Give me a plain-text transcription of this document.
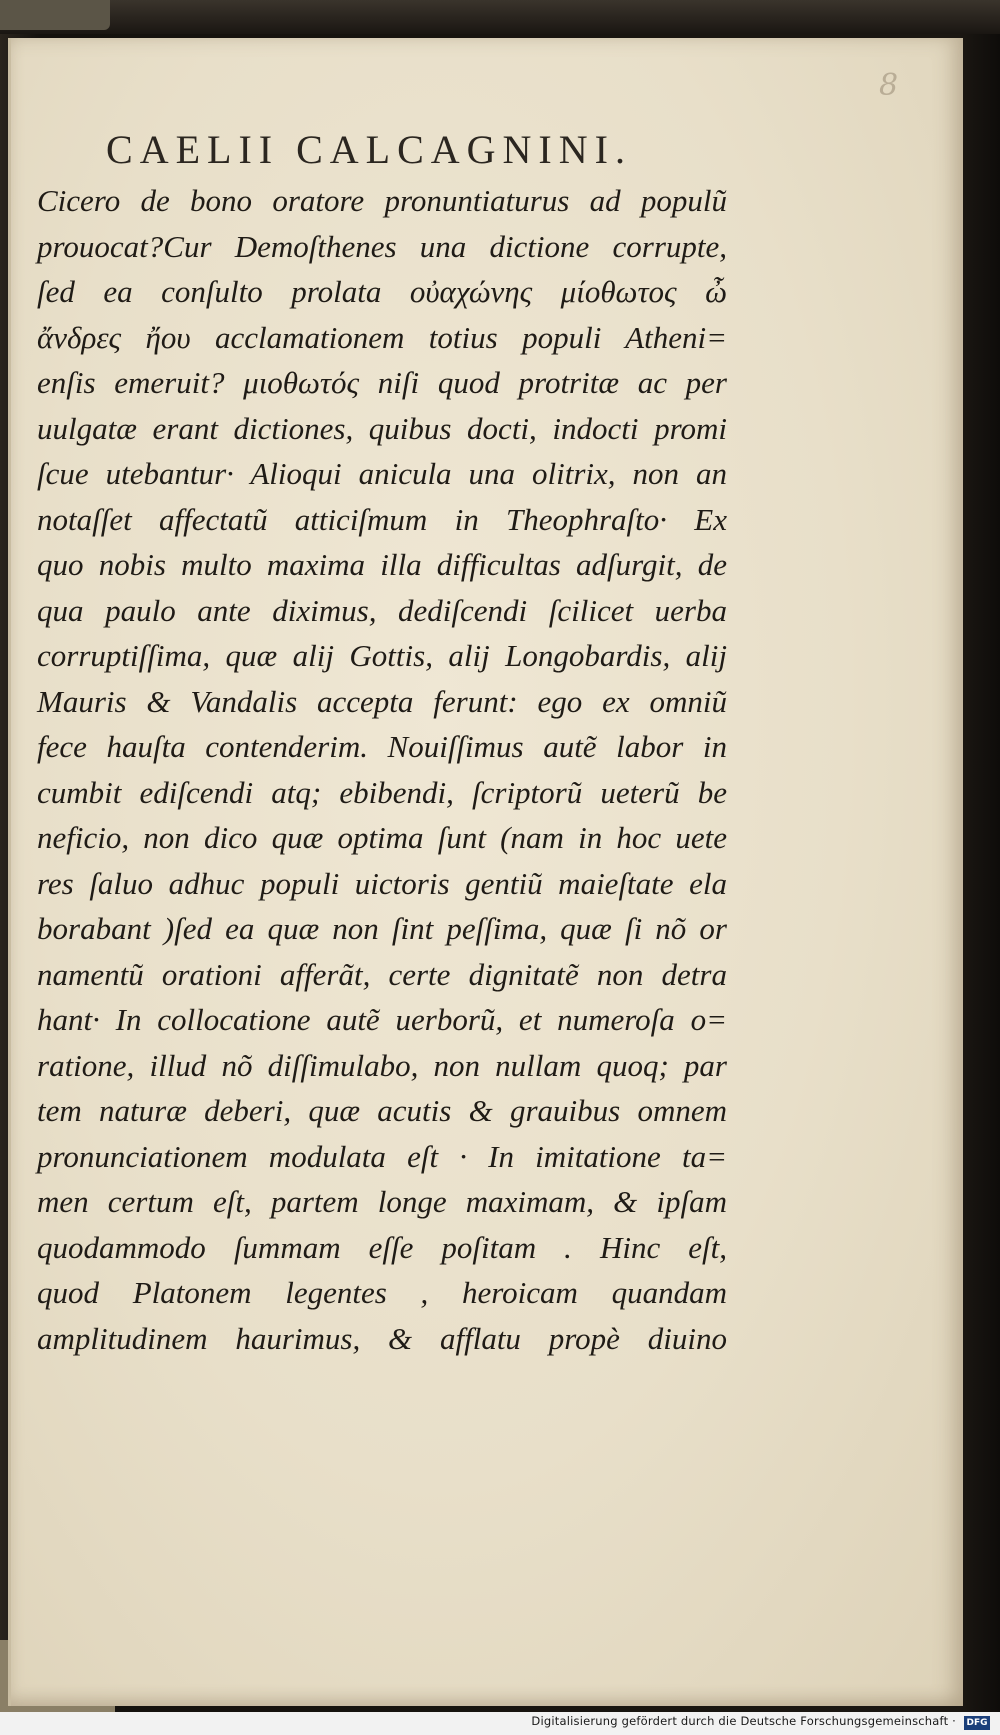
8
CAELII CALCAGNINI.
Cicero de bono oratore pronuntiaturus ad populũ
prouocat?Cur Demoſthenes una dictione corrupte,
ſed ea conſulto prolata οὐαχώνης μίοθωτος ὦ
ἄνδρες ἤου acclamationem totius populi Atheni=
enſis emeruit? μιοθωτός niſi quod protritæ ac per
uulgatæ erant dictiones, quibus docti, indocti promi
ſcue utebantur· Alioqui anicula una olitrix, non an
notaſſet affectatũ atticiſmum in Theophraſto· Ex
quo nobis multo maxima illa difficultas adſurgit, de
qua paulo ante diximus, dediſcendi ſcilicet uerba
corruptiſſima, quæ alij Gottis, alij Longobardis, alij
Mauris & Vandalis accepta ferunt: ego ex omniũ
fece hauſta contenderim. Nouiſſimus autẽ labor in
cumbit ediſcendi atq; ebibendi, ſcriptorũ ueterũ be
neficio, non dico quæ optima ſunt (nam in hoc uete
res ſaluo adhuc populi uictoris gentiũ maieſtate ela
borabant )ſed ea quæ non ſint peſſima, quæ ſi nõ or
namentũ orationi afferãt, certe dignitatẽ non detra
hant· In collocatione autẽ uerborũ, et numeroſa o=
ratione, illud nõ diſſimulabo, non nullam quoq; par
tem naturæ deberi, quæ acutis & grauibus omnem
pronunciationem modulata eſt · In imitatione ta=
men certum eſt, partem longe maximam, & ipſam
quodammodo ſummam eſſe poſitam . Hinc eſt,
quod Platonem legentes , heroicam quandam
amplitudinem haurimus, & afflatu propè diuino
Digitalisierung gefördert durch die Deutsche Forschungsgemeinschaft · DFG
